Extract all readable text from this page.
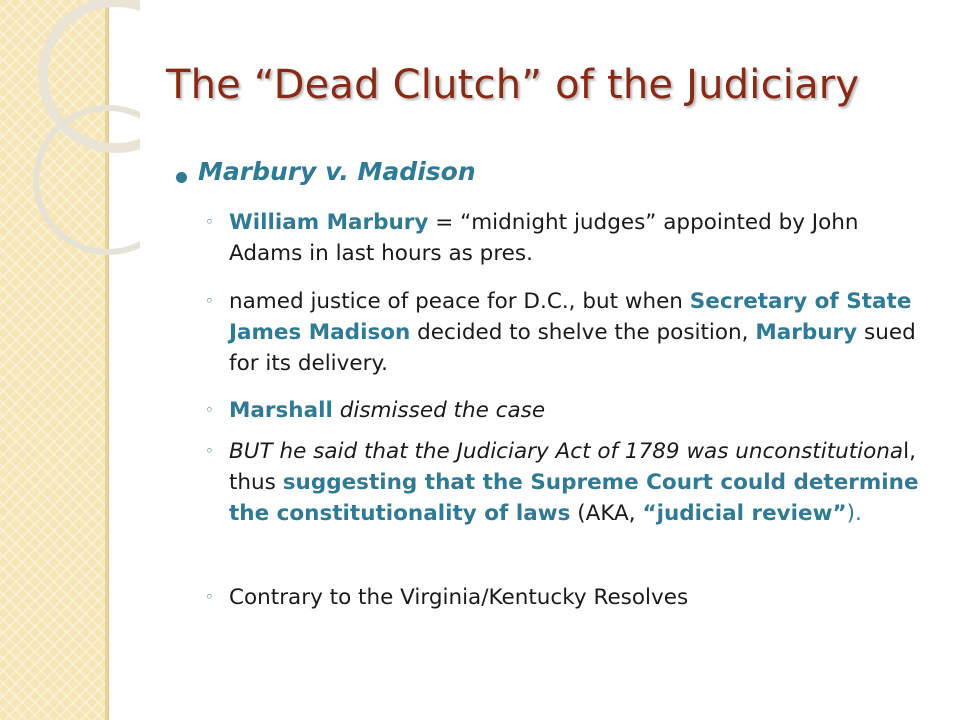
The “Dead Clutch” of the Judiciary
Marbury v. Madison
◦ William Marbury = “midnight judges” appointed by John Adams in last hours as pres.
◦ named justice of peace for D.C., but when Secretary of State James Madison decided to shelve the position, Marbury sued for its delivery.
◦ Marshall dismissed the case
◦ BUT he said that the Judiciary Act of 1789 was unconstitutional, thus suggesting that the Supreme Court could determine the constitutionality of laws (AKA, “judicial review”).
◦ Contrary to the Virginia/Kentucky Resolves
